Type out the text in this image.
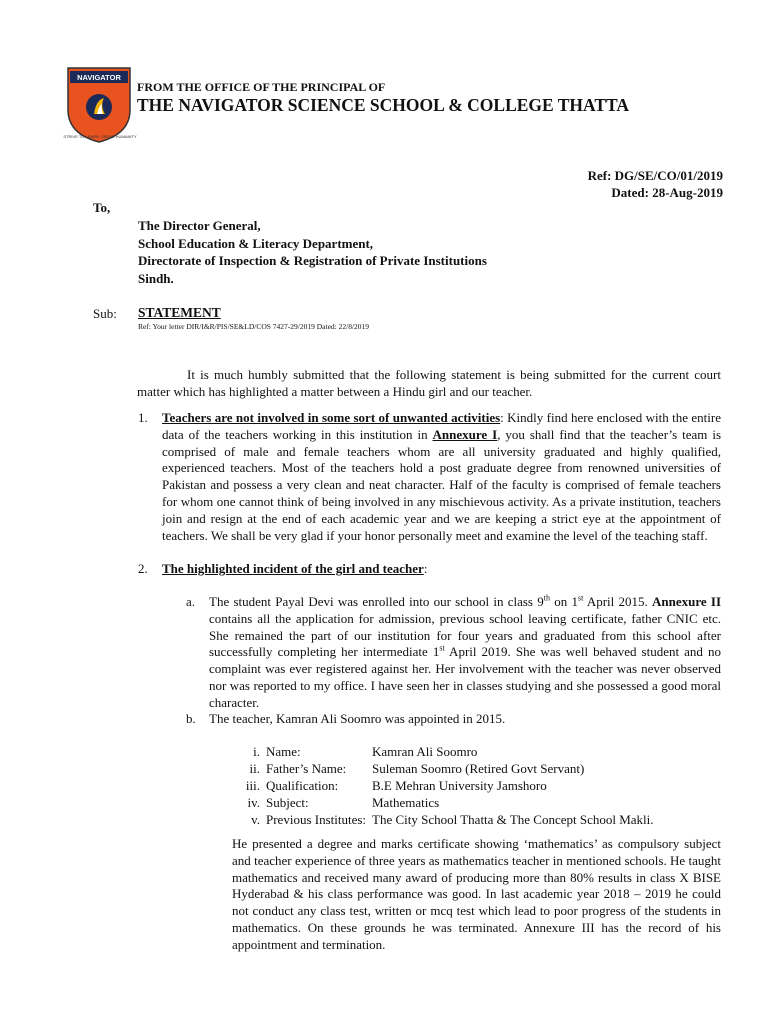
NAVIGATOR
STRIVE TO LEARN, SERVE HUMANITY
FROM THE OFFICE OF THE PRINCIPAL OF
THE NAVIGATOR SCIENCE SCHOOL & COLLEGE THATTA
Ref: DG/SE/CO/01/2019
Dated: 28-Aug-2019
To,
The Director General,
School Education & Literacy Department,
Directorate of Inspection & Registration of Private Institutions
Sindh.
Sub: STATEMENT
Ref: Your letter DIR/I&R/PIS/SE&LD/COS 7427-29/2019 Dated: 22/8/2019
It is much humbly submitted that the following statement is being submitted for the current court matter which has highlighted a matter between a Hindu girl and our teacher.
1. Teachers are not involved in some sort of unwanted activities: Kindly find here enclosed with the entire data of the teachers working in this institution in Annexure I, you shall find that the teacher’s team is comprised of male and female teachers whom are all university graduated and highly qualified, experienced teachers. Most of the teachers hold a post graduate degree from renowned universities of Pakistan and possess a very clean and neat character. Half of the faculty is comprised of female teachers for whom one cannot think of being involved in any mischievous activity. As a private institution, teachers join and resign at the end of each academic year and we are keeping a strict eye at the appointment of teachers. We shall be very glad if your honor personally meet and examine the level of the teaching staff.
2. The highlighted incident of the girl and teacher:
a. The student Payal Devi was enrolled into our school in class 9th on 1st April 2015. Annexure II contains all the application for admission, previous school leaving certificate, father CNIC etc. She remained the part of our institution for four years and graduated from this school after successfully completing her intermediate 1st April 2019. She was well behaved student and no complaint was ever registered against her. Her involvement with the teacher was never observed nor was reported to my office. I have seen her in classes studying and she possessed a good moral character.
b. The teacher, Kamran Ali Soomro was appointed in 2015.
i.	Name:	Kamran Ali Soomro
ii.	Father’s Name:	Suleman Soomro (Retired Govt Servant)
iii.	Qualification:	B.E Mehran University Jamshoro
iv.	Subject:	Mathematics
v.	Previous Institutes:	The City School Thatta & The Concept School Makli.
He presented a degree and marks certificate showing ‘mathematics’ as compulsory subject and teacher experience of three years as mathematics teacher in mentioned schools. He taught mathematics and received many award of producing more than 80% results in class X BISE Hyderabad & his class performance was good. In last academic year 2018 – 2019 he could not conduct any class test, written or mcq test which lead to poor progress of the students in mathematics. On these grounds he was terminated. Annexure III has the record of his appointment and termination.
